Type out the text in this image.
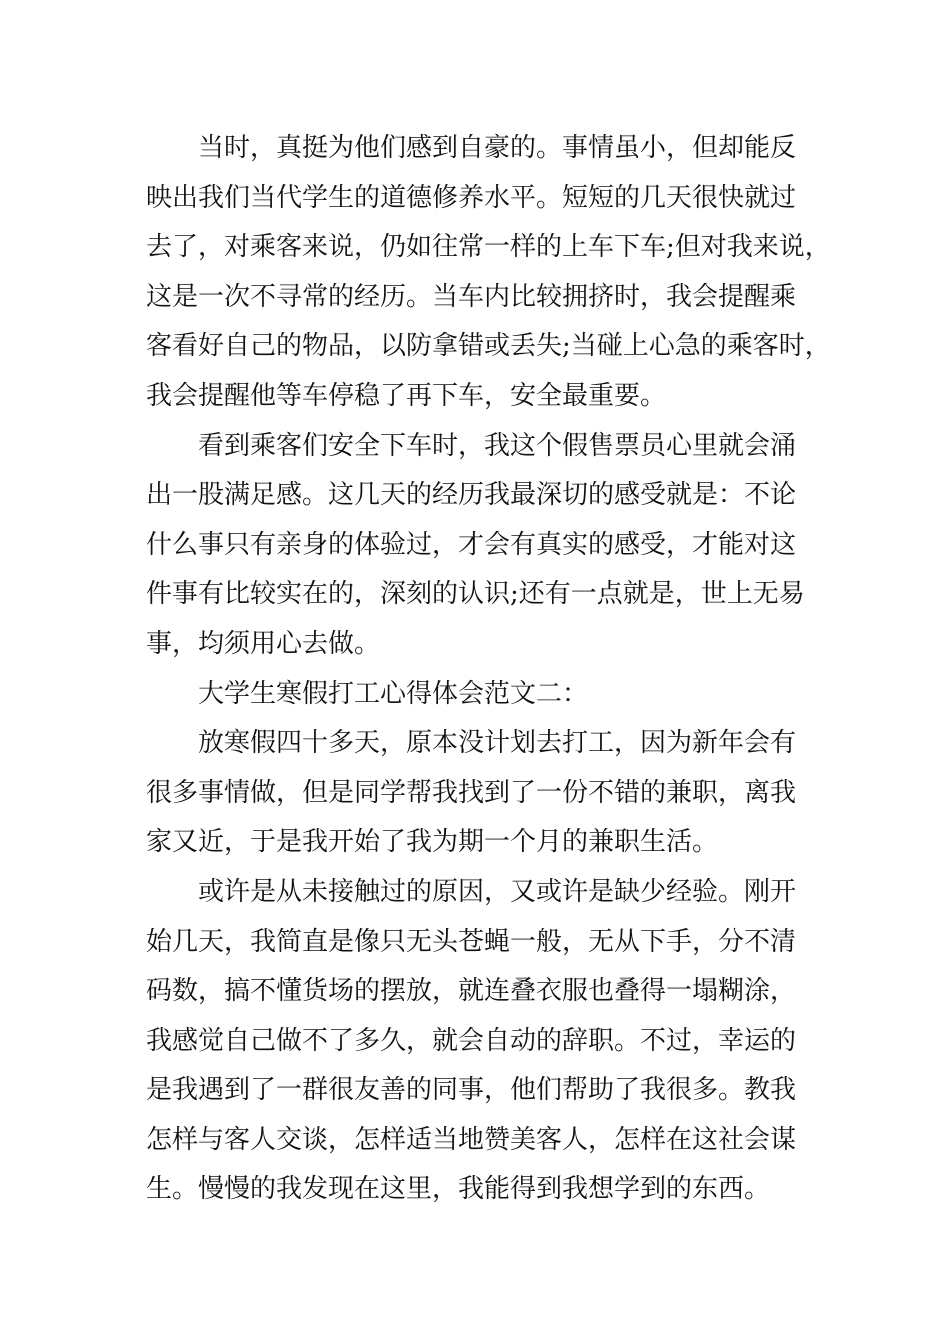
当时，真挺为他们感到自豪的。事情虽小，但却能反
映出我们当代学生的道德修养水平。短短的几天很快就过
去了，对乘客来说，仍如往常一样的上车下车;但对我来说，
这是一次不寻常的经历。当车内比较拥挤时，我会提醒乘
客看好自己的物品，以防拿错或丢失;当碰上心急的乘客时，
我会提醒他等车停稳了再下车，安全最重要。
看到乘客们安全下车时，我这个假售票员心里就会涌
出一股满足感。这几天的经历我最深切的感受就是：不论
什么事只有亲身的体验过，才会有真实的感受，才能对这
件事有比较实在的，深刻的认识;还有一点就是，世上无易
事，均须用心去做。
大学生寒假打工心得体会范文二：
放寒假四十多天，原本没计划去打工，因为新年会有
很多事情做，但是同学帮我找到了一份不错的兼职，离我
家又近，于是我开始了我为期一个月的兼职生活。
或许是从未接触过的原因，又或许是缺少经验。刚开
始几天，我简直是像只无头苍蝇一般，无从下手，分不清
码数，搞不懂货场的摆放，就连叠衣服也叠得一塌糊涂，
我感觉自己做不了多久，就会自动的辞职。不过，幸运的
是我遇到了一群很友善的同事，他们帮助了我很多。教我
怎样与客人交谈，怎样适当地赞美客人，怎样在这社会谋
生。慢慢的我发现在这里，我能得到我想学到的东西。
